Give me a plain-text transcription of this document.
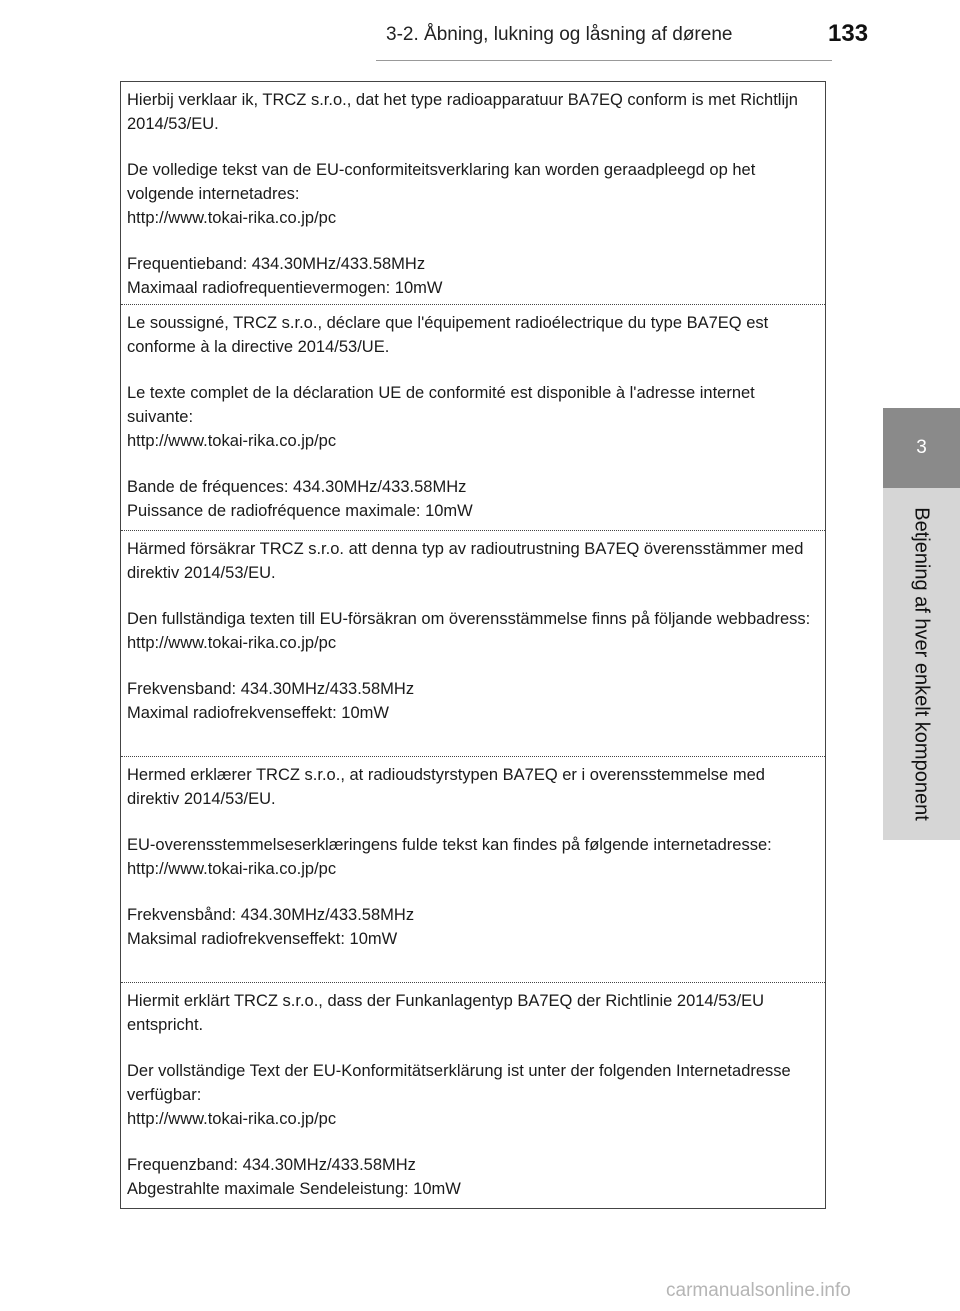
3-2. Åbning, lukning og låsning af dørene	133
3
Betjening af hver enkelt komponent

Hierbij verklaar ik, TRCZ s.r.o., dat het type radioapparatuur BA7EQ conform is met Richtlijn 2014/53/EU.

De volledige tekst van de EU-conformiteitsverklaring kan worden geraadpleegd op het volgende internetadres:

http://www.tokai-rika.co.jp/pc

Frequentieband: 434.30MHz/433.58MHz

Maximaal radiofrequentievermogen: 10mW

Le soussigné, TRCZ s.r.o., déclare que l'équipement radioélectrique du type BA7EQ est conforme à la directive 2014/53/UE.

Le texte complet de la déclaration UE de conformité est disponible à l'adresse internet suivante:

http://www.tokai-rika.co.jp/pc

Bande de fréquences: 434.30MHz/433.58MHz

Puissance de radiofréquence maximale: 10mW

Härmed försäkrar TRCZ s.r.o. att denna typ av radioutrustning BA7EQ överensstämmer med direktiv 2014/53/EU.

Den fullständiga texten till EU-försäkran om överensstämmelse finns på följande webbadress:

http://www.tokai-rika.co.jp/pc

Frekvensband: 434.30MHz/433.58MHz

Maximal radiofrekvenseffekt: 10mW

Hermed erklærer TRCZ s.r.o., at radioudstyrstypen BA7EQ er i overensstemmelse med direktiv 2014/53/EU.

EU-overensstemmelseserklæringens fulde tekst kan findes på følgende internetadresse:

http://www.tokai-rika.co.jp/pc

Frekvensbånd: 434.30MHz/433.58MHz

Maksimal radiofrekvenseffekt: 10mW

Hiermit erklärt TRCZ s.r.o., dass der Funkanlagentyp BA7EQ der Richtlinie 2014/53/EU entspricht.

Der vollständige Text der EU-Konformitätserklärung ist unter der folgenden Internetadresse verfügbar:

http://www.tokai-rika.co.jp/pc

Frequenzband: 434.30MHz/433.58MHz

Abgestrahlte maximale Sendeleistung: 10mW

carmanualsonline.info
